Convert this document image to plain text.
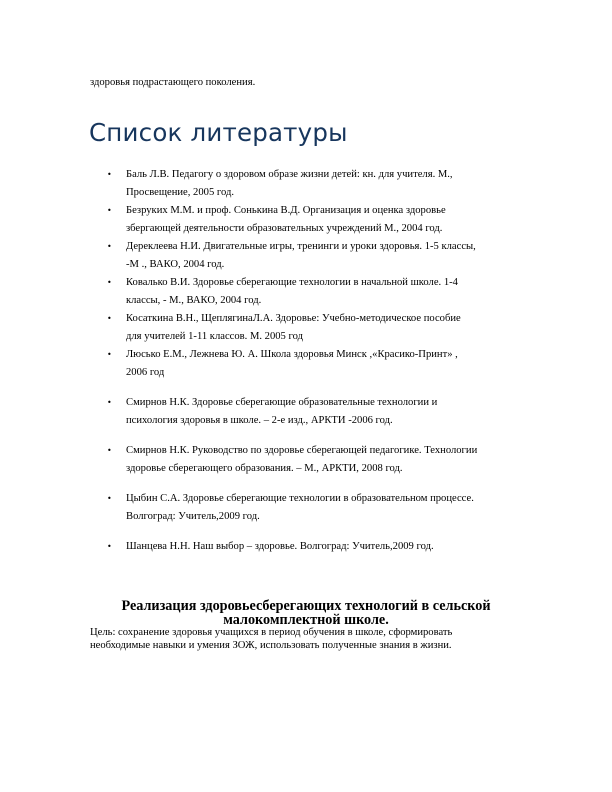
здоровья подрастающего поколения.
Список литературы
• Баль Л.В. Педагогу о здоровом образе жизни детей: кн. для учителя. М.,
Просвещение, 2005 год.
• Безруких М.М. и проф. Сонькина В.Д. Организация и оценка здоровье
збергающей деятельности образовательных учреждений М., 2004 год.
• Дереклеева Н.И. Двигательные игры, тренинги и уроки здоровья. 1-5 классы,
-М ., ВАКО, 2004 год.
• Ковалько В.И. Здоровье сберегающие технологии в начальной школе. 1-4
классы, - М., ВАКО, 2004 год.
• Косаткина В.Н., ЩеплягинаЛ.А. Здоровье: Учебно-методическое пособие
для учителей 1-11 классов. М. 2005 год
• Люсько Е.М., Лежнева Ю. А. Школа здоровья Минск ,«Красико-Принт» ,
2006 год
• Смирнов Н.К. Здоровье сберегающие образовательные технологии и
психология здоровья в школе. – 2-е изд., АРКТИ -2006 год.
• Смирнов Н.К. Руководство по здоровье сберегающей педагогике. Технологии
здоровье сберегающего образования. – М., АРКТИ, 2008 год.
• Цыбин С.А. Здоровье сберегающие технологии в образовательном процессе.
Волгоград: Учитель,2009 год.
• Шанцева Н.Н. Наш выбор – здоровье. Волгоград: Учитель,2009 год.
Реализация здоровьесберегающих технологий в сельской
малокомплектной школе.
Цель: сохранение здоровья учащихся в период обучения в школе, сформировать
необходимые навыки и умения ЗОЖ, использовать полученные знания в жизни.
